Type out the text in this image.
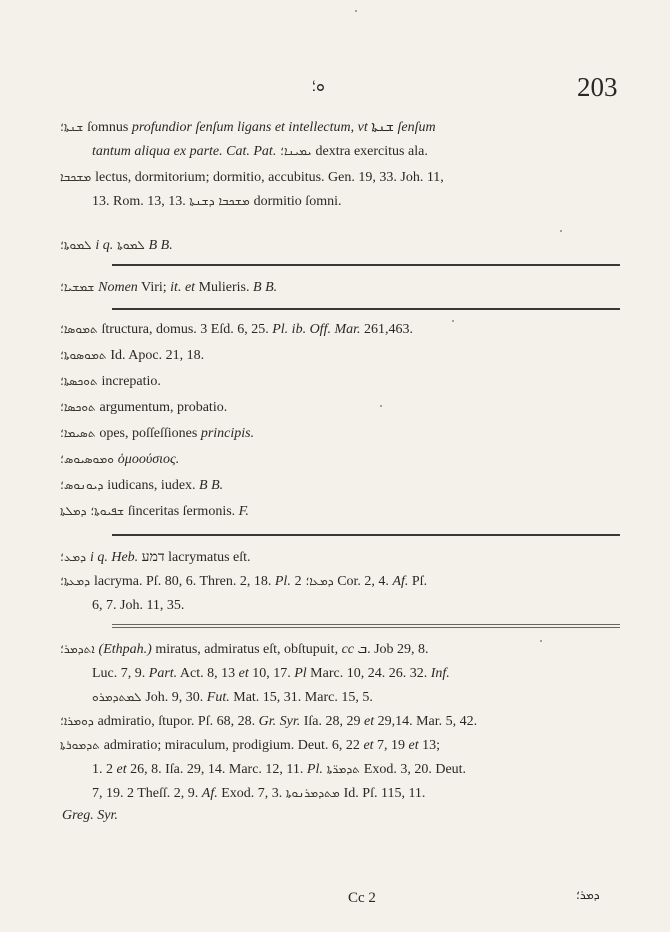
ܘ؛	203
ܫܢܬܐ؛ ſomnus profundior ſenſum ligans et intellectum, vt ܫܢܬܐ ſenſum
tantum aliqua ex parte. Cat. Pat. ܝܡܝܢܐ؛ dextra exercitus ala.
ܡܫܟܒܐ lectus, dormitorium; dormitio, accubitus. Gen. 19, 33. Joh. 11,
13. Rom. 13, 13. ܡܫܟܒܐ ܕܫܢܬܐ dormitio ſomni.
ܠܡܘܬܐ؛ i q. ܠܡܘܬܐ B B.
ܫܡܫܝܐ؛ Nomen Viri; it. et Mulieris. B B.
ܬܡܘܣܐ؛ ſtructura, domus. 3 Eſd. 6, 25. Pl. ib. Off. Mar. 261,463.
ܬܡܘܣܘܬܐ؛ Id. Apoc. 21, 18.
ܬܘܟܣܬܐ؛ increpatio.
ܬܘܟܣܐ؛ argumentum, probatio.
ܬܣܝܡܐ؛ opes, poſſeſſiones principis.
ܘܡܘܣܝܘܣ؛ ὁμοούσιος.
ܕܝܘܢܘܣ؛ iudicans, iudex. B B.
ܫܦܝܘܬܐ؛ ܕܡܠܬܐ ſinceritas ſermonis. F.
ܕܡܥ؛ i q. Heb. דמע lacrymatus eſt.
ܕܡܥܬܐ؛ lacryma. Pſ. 80, 6. Thren. 2, 18. Pl. ܕܡܥܐ؛ 2 Cor. 2, 4. Af. Pſ.
6, 7. Joh. 11, 35.
ܐܬܕܡܪ؛ (Ethpah.) miratus, admiratus eſt, obſtupuit, cc ܒ. Job 29, 8.
Luc. 7, 9. Part. Act. 8, 13 et 10, 17. Pl Marc. 10, 24. 26. 32. Inf.
ܠܡܬܕܡܪܘ Joh. 9, 30. Fut. Mat. 15, 31. Marc. 15, 5.
ܕܘܡܪܐ؛ admiratio, ſtupor. Pſ. 68, 28. Gr. Syr. Iſa. 28, 29 et 29,14. Mar. 5, 42.
ܬܕܡܘܪܬܐ admiratio; miraculum, prodigium. Deut. 6, 22 et 7, 19 et 13;
1. 2 et 26, 8. Iſa. 29, 14. Marc. 12, 11. Pl. ܬܕܡܪ̈ܬܐ Exod. 3, 20. Deut.
7, 19. 2 Theſſ. 2, 9. Af. Exod. 7, 3. ܡܬܕܡܪܢܘܬܐ Id. Pſ. 115, 11.
Greg. Syr.
Cc 2	ܕܡܪ؛
